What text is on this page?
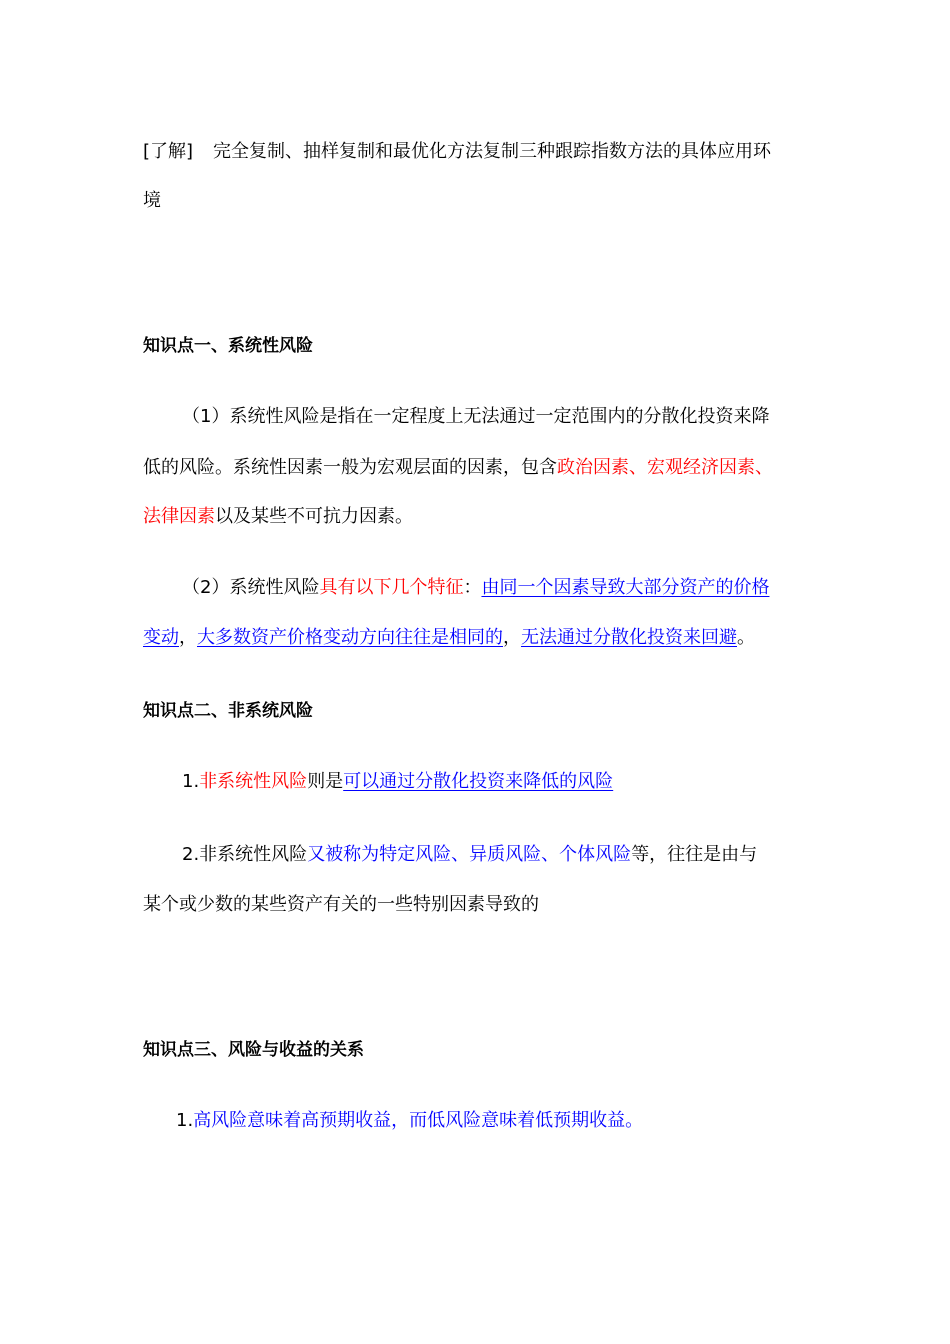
[了解] 完全复制、抽样复制和最优化方法复制三种跟踪指数方法的具体应用环
境
知识点一、系统性风险
（1）系统性风险是指在一定程度上无法通过一定范围内的分散化投资来降
低的风险。系统性因素一般为宏观层面的因素，包含政治因素、宏观经济因素、
法律因素以及某些不可抗力因素。
（2）系统性风险具有以下几个特征：由同一个因素导致大部分资产的价格
变动，大多数资产价格变动方向往往是相同的，无法通过分散化投资来回避。
知识点二、非系统风险
1.非系统性风险则是可以通过分散化投资来降低的风险
2.非系统性风险又被称为特定风险、异质风险、个体风险等，往往是由与
某个或少数的某些资产有关的一些特别因素导致的
知识点三、风险与收益的关系
1.高风险意味着高预期收益，而低风险意味着低预期收益。
